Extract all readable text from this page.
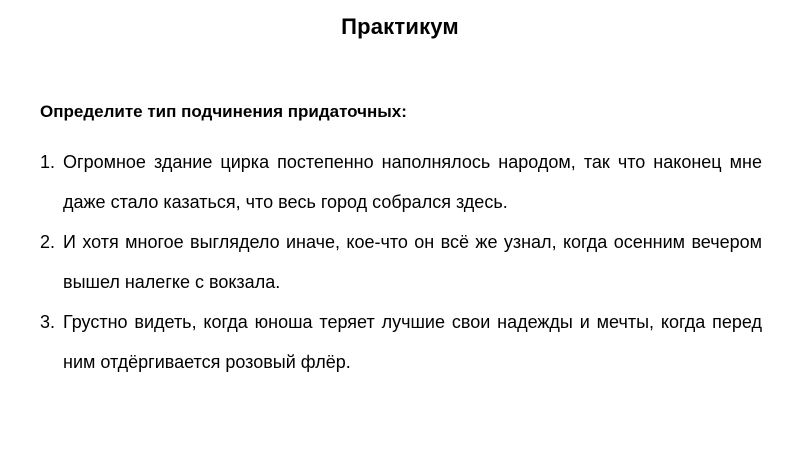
Практикум
Определите тип подчинения придаточных:
1. Огромное здание цирка постепенно наполнялось народом, так что наконец мне даже стало казаться, что весь город собрался здесь.
2. И хотя многое выглядело иначе, кое-что он всё же узнал, когда осенним вечером вышел налегке с вокзала.
3. Грустно видеть, когда юноша теряет лучшие свои надежды и мечты, когда перед ним отдёргивается розовый флёр.
